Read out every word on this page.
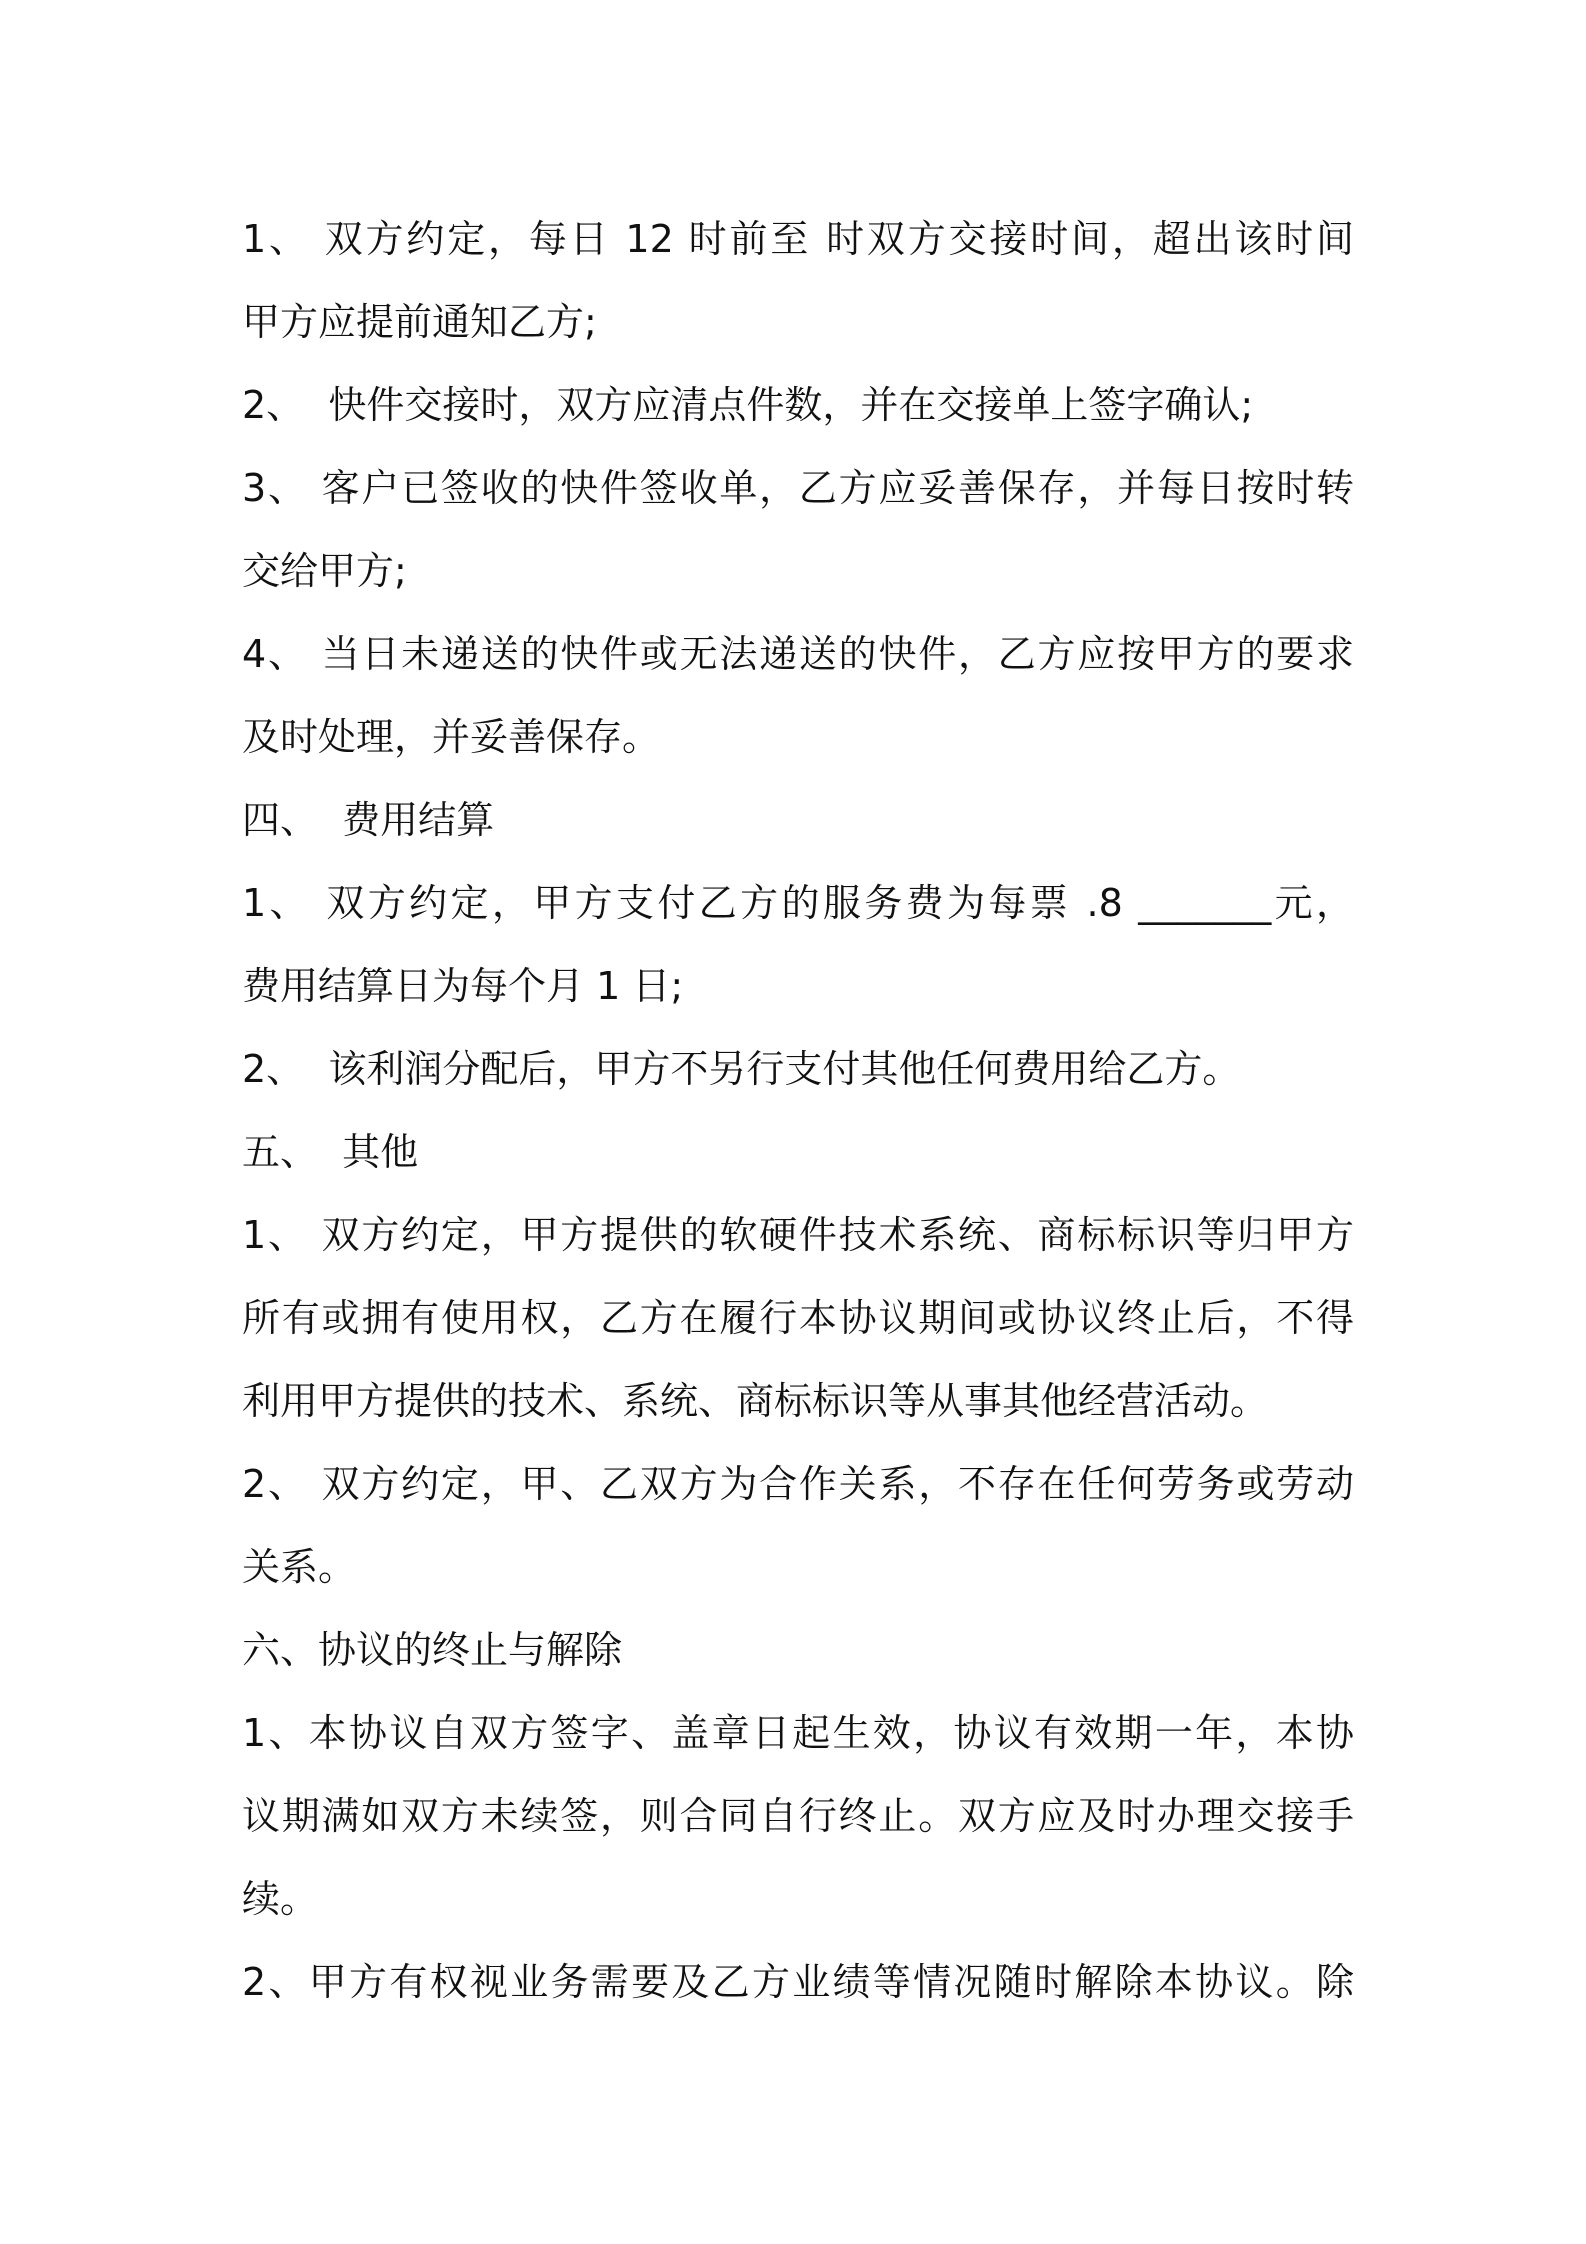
1、 双方约定，每日 12 时前至 时双方交接时间，超出该时间
甲方应提前通知乙方;
2、  快件交接时，双方应清点件数，并在交接单上签字确认;
3、 客户已签收的快件签收单，乙方应妥善保存，并每日按时转
交给甲方;
4、 当日未递送的快件或无法递送的快件，乙方应按甲方的要求
及时处理，并妥善保存。
四、  费用结算
1、 双方约定，甲方支付乙方的服务费为每票 .8 _______元，
费用结算日为每个月 1 日;
2、  该利润分配后，甲方不另行支付其他任何费用给乙方。
五、  其他
1、 双方约定，甲方提供的软硬件技术系统、商标标识等归甲方
所有或拥有使用权，乙方在履行本协议期间或协议终止后，不得
利用甲方提供的技术、系统、商标标识等从事其他经营活动。
2、 双方约定，甲、乙双方为合作关系，不存在任何劳务或劳动
关系。
六、协议的终止与解除
1、本协议自双方签字、盖章日起生效，协议有效期一年，本协
议期满如双方未续签，则合同自行终止。双方应及时办理交接手
续。
2、甲方有权视业务需要及乙方业绩等情况随时解除本协议。除
